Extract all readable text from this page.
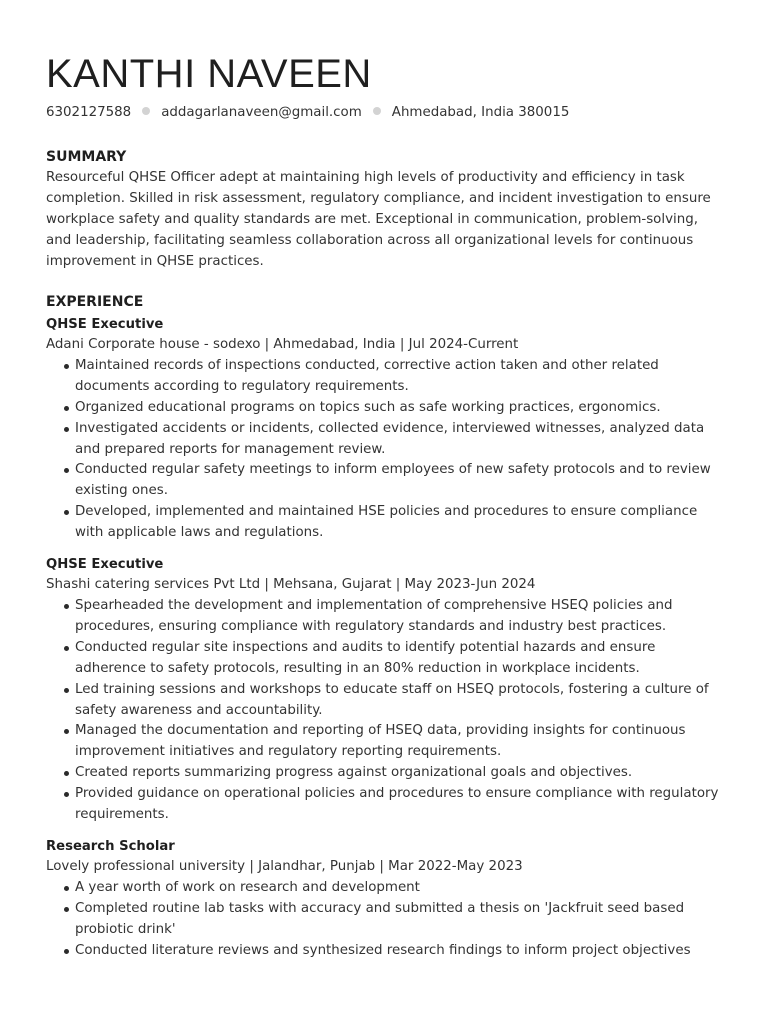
KANTHI NAVEEN
6302127588 addagarlanaveen@gmail.com Ahmedabad, India 380015
SUMMARY

Resourceful QHSE Officer adept at maintaining high levels of productivity and efficiency in task completion. Skilled in risk assessment, regulatory compliance, and incident investigation to ensure workplace safety and quality standards are met. Exceptional in communication, problem-solving, and leadership, facilitating seamless collaboration across all organizational levels for continuous improvement in QHSE practices.

EXPERIENCE
QHSE Executive
Adani Corporate house - sodexo | Ahmedabad, India | Jul 2024-Current
Maintained records of inspections conducted, corrective action taken and other related documents according to regulatory requirements.
Organized educational programs on topics such as safe working practices, ergonomics.
Investigated accidents or incidents, collected evidence, interviewed witnesses, analyzed data and prepared reports for management review.
Conducted regular safety meetings to inform employees of new safety protocols and to review existing ones.
Developed, implemented and maintained HSE policies and procedures to ensure compliance with applicable laws and regulations.
QHSE Executive
Shashi catering services Pvt Ltd | Mehsana, Gujarat | May 2023-Jun 2024
Spearheaded the development and implementation of comprehensive HSEQ policies and procedures, ensuring compliance with regulatory standards and industry best practices.
Conducted regular site inspections and audits to identify potential hazards and ensure adherence to safety protocols, resulting in an 80% reduction in workplace incidents.
Led training sessions and workshops to educate staff on HSEQ protocols, fostering a culture of safety awareness and accountability.
Managed the documentation and reporting of HSEQ data, providing insights for continuous improvement initiatives and regulatory reporting requirements.
Created reports summarizing progress against organizational goals and objectives.
Provided guidance on operational policies and procedures to ensure compliance with regulatory requirements.
Research Scholar
Lovely professional university | Jalandhar, Punjab | Mar 2022-May 2023
A year worth of work on research and development
Completed routine lab tasks with accuracy and submitted a thesis on 'Jackfruit seed based probiotic drink'
Conducted literature reviews and synthesized research findings to inform project objectives
